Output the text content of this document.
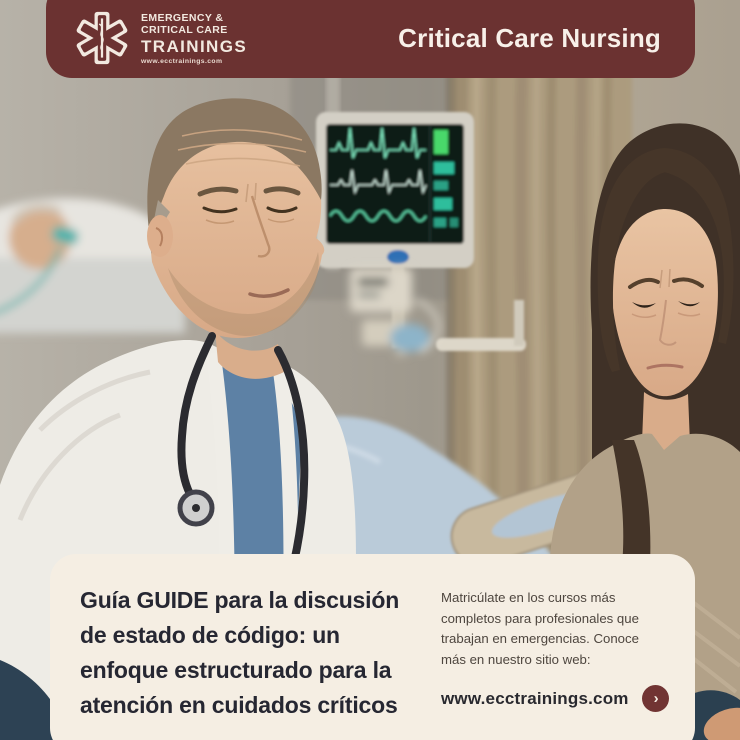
EMERGENCY &
CRITICAL CARE
TRAININGS
www.ecctrainings.com
Critical Care Nursing
Guía GUIDE para la discusión
de estado de código: un
enfoque estructurado para la
atención en cuidados críticos
Matricúlate en los cursos más
completos para profesionales que
trabajan en emergencias. Conoce
más en nuestro sitio web:
www.ecctrainings.com ›
